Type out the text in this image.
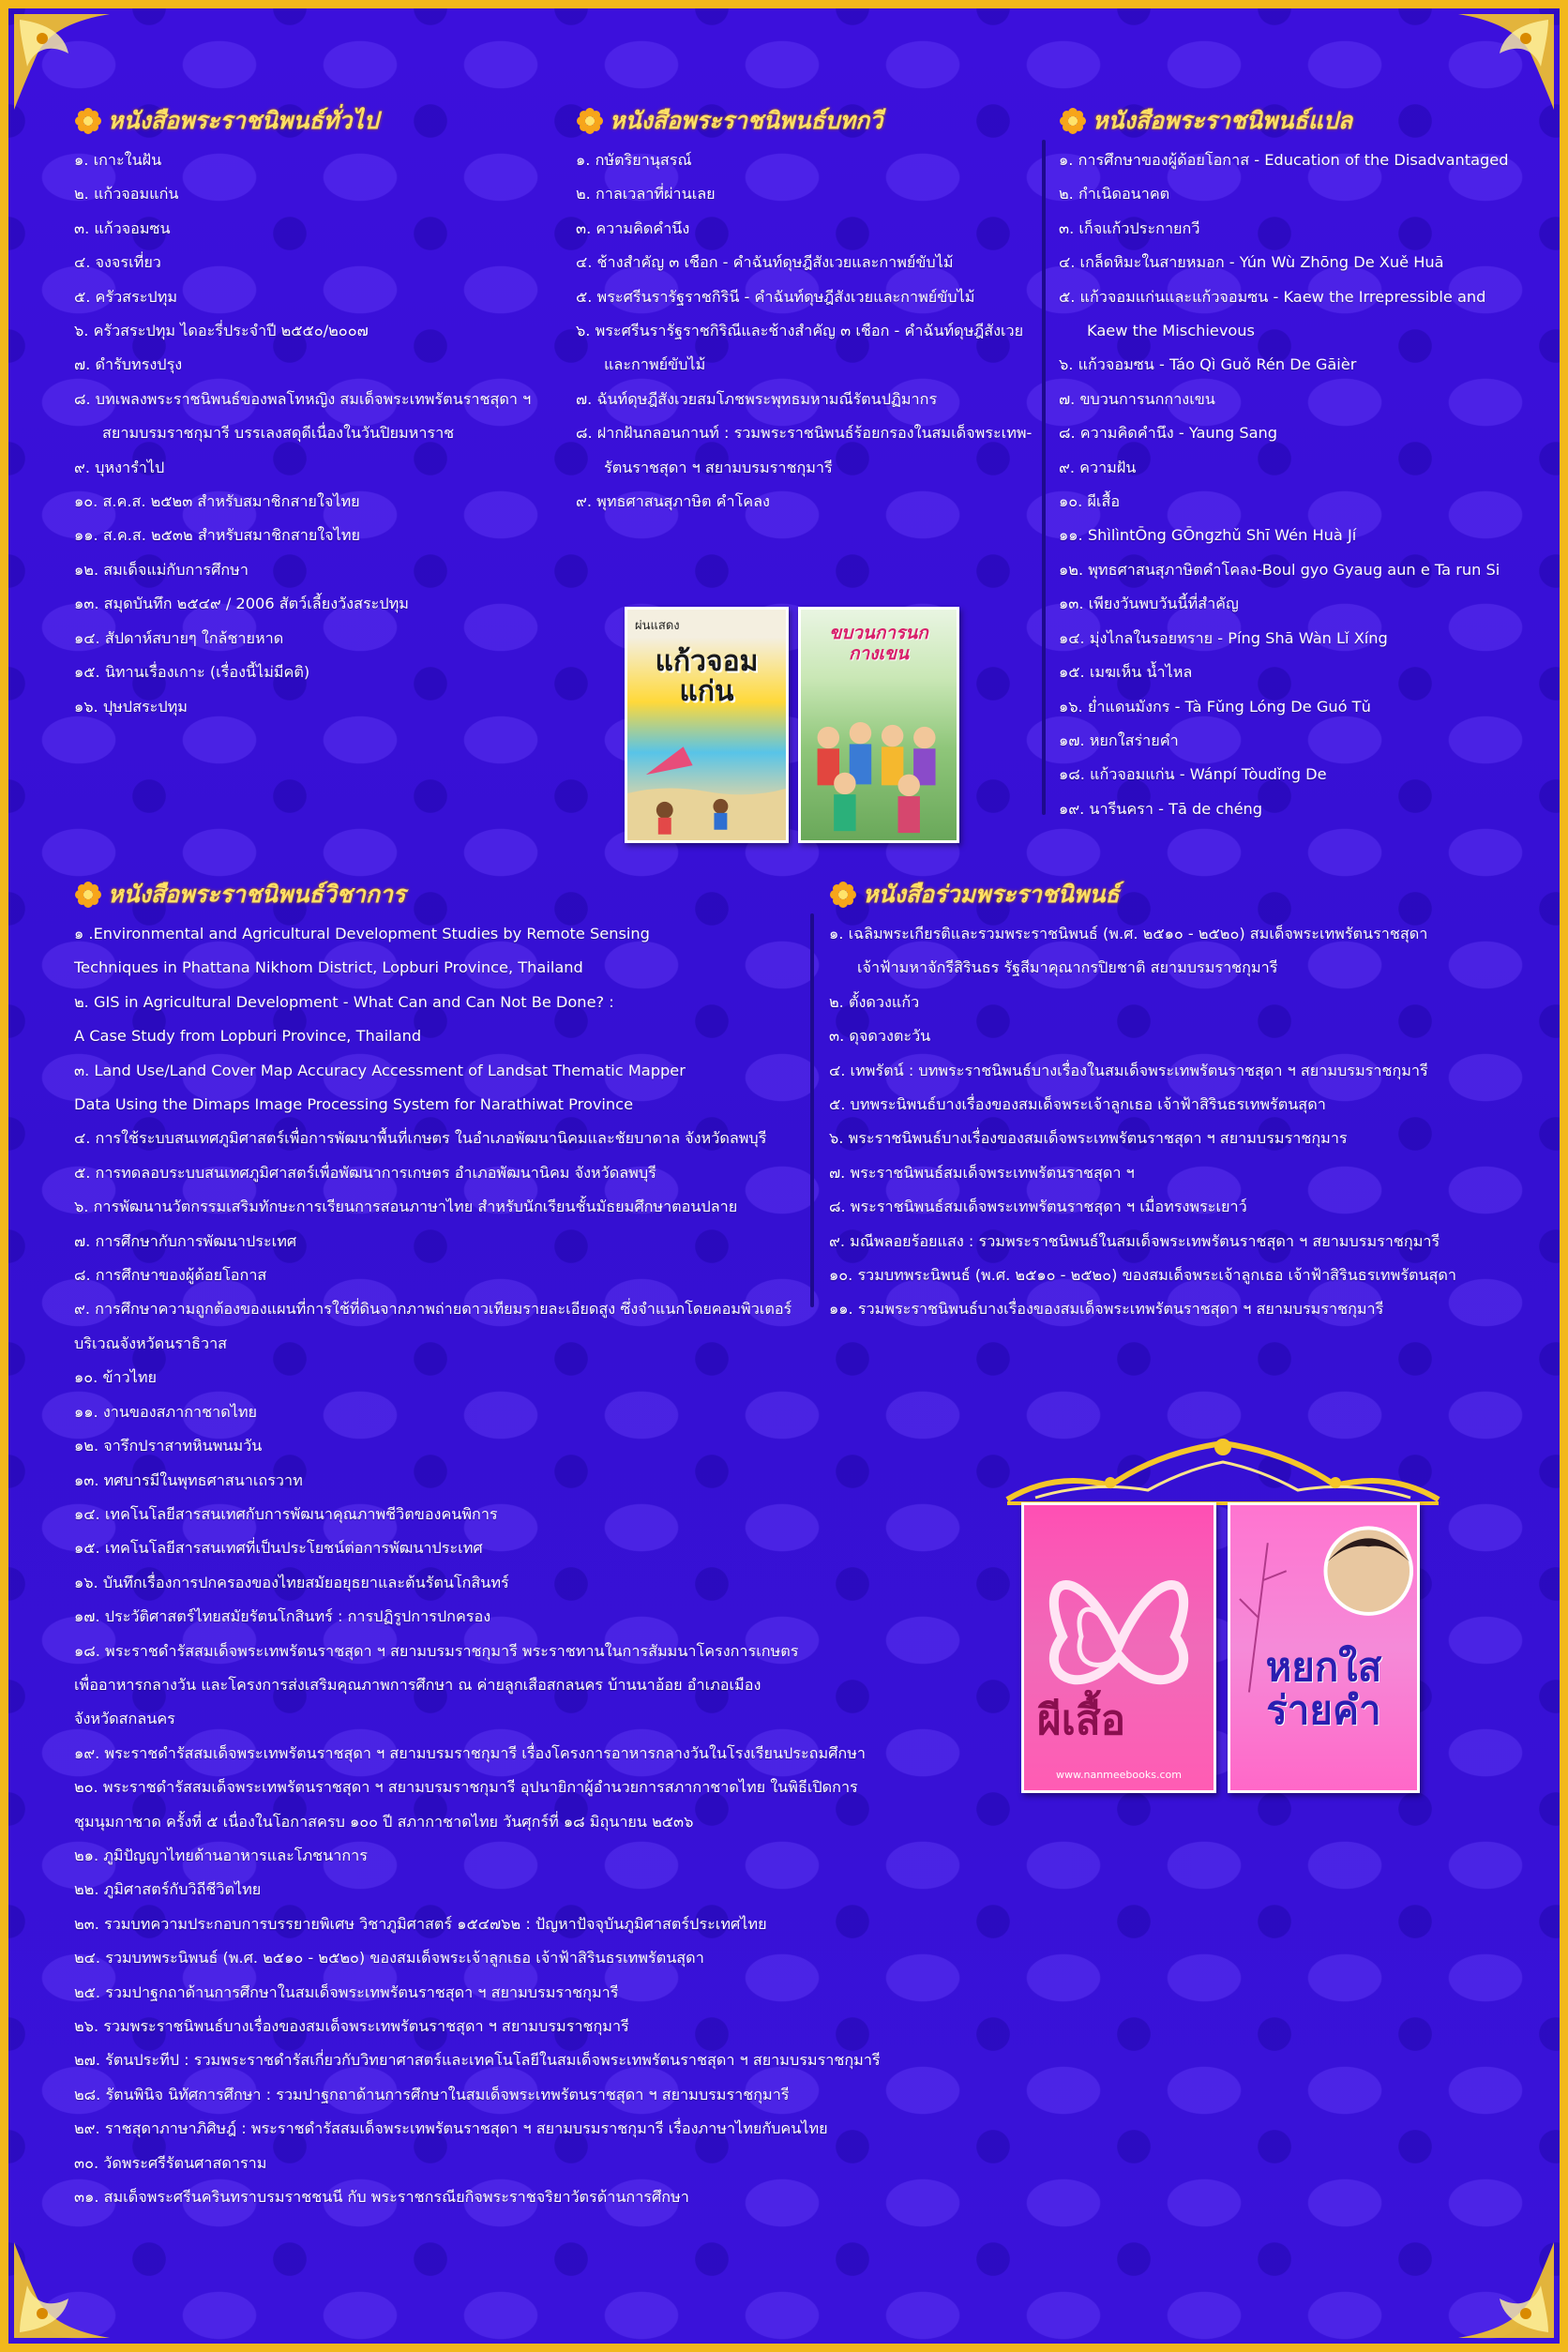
หนังสือพระราชนิพนธ์ทั่วไป
๑. เกาะในฝัน
๒. แก้วจอมแก่น
๓. แก้วจอมซน
๔. จงจรเที่ยว
๕. ครัวสระปทุม
๖. ครัวสระปทุม ไดอะรี่ประจำปี ๒๕๕๐/๒๐๐๗
๗. ดำรับทรงปรุง
๘. บทเพลงพระราชนิพนธ์ของพลโทหญิง สมเด็จพระเทพรัตนราชสุดา ฯ
สยามบรมราชกุมารี บรรเลงสดุดีเนื่องในวันปิยมหาราช
๙. บุหงารำไป
๑๐. ส.ค.ส. ๒๕๒๓ สำหรับสมาชิกสายใจไทย
๑๑. ส.ค.ส. ๒๕๓๒ สำหรับสมาชิกสายใจไทย
๑๒. สมเด็จแม่กับการศึกษา
๑๓. สมุดบันทึก ๒๕๔๙ / 2006 สัตว์เลี้ยงวังสระปทุม
๑๔. สัปดาห์สบายๆ ใกล้ชายหาด
๑๕. นิทานเรื่องเกาะ (เรื่องนี้ไม่มีคติ)
๑๖. ปุษปสระปทุม
หนังสือพระราชนิพนธ์บทกวี
๑. กษัตริยานุสรณ์
๒. กาลเวลาที่ผ่านเลย
๓. ความคิดคำนึง
๔. ช้างสำคัญ ๓ เชือก - คำฉันท์ดุษฎีสังเวยและกาพย์ขับไม้
๕. พระศรีนรารัฐราชกิรินี - คำฉันท์ดุษฎีสังเวยและกาพย์ขับไม้
๖. พระศรีนรารัฐราชกิริณีและช้างสำคัญ ๓ เชือก - คำฉันท์ดุษฎีสังเวย
และกาพย์ขับไม้
๗. ฉันท์ดุษฎีสังเวยสมโภชพระพุทธมหามณีรัตนปฏิมากร
๘. ฝากฝันกลอนกานท์ : รวมพระราชนิพนธ์ร้อยกรองในสมเด็จพระเทพ-
รัตนราชสุดา ฯ สยามบรมราชกุมารี
๙. พุทธศาสนสุภาษิต คำโคลง
หนังสือพระราชนิพนธ์แปล
๑. การศึกษาของผู้ด้อยโอกาส - Education of the Disadvantaged
๒. กำเนิดอนาคต
๓. เก็จแก้วประกายกวี
๔. เกล็ดหิมะในสายหมอก - Yún Wù Zhōng De Xuě Huā
๕. แก้วจอมแก่นและแก้วจอมซน - Kaew the Irrepressible and
Kaew the Mischievous
๖. แก้วจอมซน - Táo Qì Guǒ Rén De Gāièr
๗. ขบวนการนกกางเขน
๘. ความคิดคำนึง - Yaung Sang
๙. ความฝัน
๑๐. ผีเสื้อ
๑๑. ShìlìntŌng GŌngzhǔ Shī Wén Huà Jí
๑๒. พุทธศาสนสุภาษิตคำโคลง-Boul gyo Gyaug aun e Ta run Si
๑๓. เพียงวันพบวันนี้ที่สำคัญ
๑๔. มุ่งไกลในรอยทราย - Píng Shā Wàn Lǐ Xíng
๑๕. เมฆเห็น น้ำไหล
๑๖. ย่ำแดนมังกร - Tà Fǔng Lóng De Guó Tǔ
๑๗. หยกใสร่ายคำ
๑๘. แก้วจอมแก่น - Wánpí Tòudǐng De
๑๙. นารีนครา - Tā de chéng
ผ่นแสดง
แก้วจอมแก่น
ขบวนการนกกางเขน
หนังสือพระราชนิพนธ์วิชาการ
๑ .Environmental and Agricultural Development Studies by Remote Sensing
Techniques in Phattana Nikhom District, Lopburi Province, Thailand
๒. GIS in Agricultural Development - What Can and Can Not Be Done? :
A Case Study from Lopburi Province, Thailand
๓. Land Use/Land Cover Map Accuracy Accessment of Landsat Thematic Mapper
Data Using the Dimaps Image Processing System for Narathiwat Province
๔. การใช้ระบบสนเทศภูมิศาสตร์เพื่อการพัฒนาพื้นที่เกษตร ในอำเภอพัฒนานิคมและชัยบาดาล จังหวัดลพบุรี
๕. การทดลอบระบบสนเทศภูมิศาสตร์เพื่อพัฒนาการเกษตร อำเภอพัฒนานิคม จังหวัดลพบุรี
๖. การพัฒนานวัตกรรมเสริมทักษะการเรียนการสอนภาษาไทย สำหรับนักเรียนชั้นมัธยมศึกษาตอนปลาย
๗. การศึกษากับการพัฒนาประเทศ
๘. การศึกษาของผู้ด้อยโอกาส
๙. การศึกษาความถูกต้องของแผนที่การใช้ที่ดินจากภาพถ่ายดาวเทียมรายละเอียดสูง ซึ่งจำแนกโดยคอมพิวเตอร์
บริเวณจังหวัดนราธิวาส
๑๐. ข้าวไทย
๑๑. งานของสภากาชาดไทย
๑๒. จารึกปราสาทหินพนมวัน
๑๓. ทศบารมีในพุทธศาสนาเถรวาท
๑๔. เทคโนโลยีสารสนเทศกับการพัฒนาคุณภาพชีวิตของคนพิการ
๑๕. เทคโนโลยีสารสนเทศที่เป็นประโยชน์ต่อการพัฒนาประเทศ
๑๖. บันทึกเรื่องการปกครองของไทยสมัยอยุธยาและต้นรัตนโกสินทร์
๑๗. ประวัติศาสตร์ไทยสมัยรัตนโกสินทร์ : การปฏิรูปการปกครอง
๑๘. พระราชดำรัสสมเด็จพระเทพรัตนราชสุดา ฯ สยามบรมราชกุมารี พระราชทานในการสัมมนาโครงการเกษตร
เพื่ออาหารกลางวัน และโครงการส่งเสริมคุณภาพการศึกษา ณ ค่ายลูกเสือสกลนคร บ้านนาอ้อย อำเภอเมือง
จังหวัดสกลนคร
๑๙. พระราชดำรัสสมเด็จพระเทพรัตนราชสุดา ฯ สยามบรมราชกุมารี เรื่องโครงการอาหารกลางวันในโรงเรียนประถมศึกษา
๒๐. พระราชดำรัสสมเด็จพระเทพรัตนราชสุดา ฯ สยามบรมราชกุมารี อุปนายิกาผู้อำนวยการสภากาชาดไทย ในพิธีเปิดการ
ชุมนุมกาชาด ครั้งที่ ๕ เนื่องในโอกาสครบ ๑๐๐ ปี สภากาชาดไทย วันศุกร์ที่ ๑๘ มิถุนายน ๒๕๓๖
๒๑. ภูมิปัญญาไทยด้านอาหารและโภชนาการ
๒๒. ภูมิศาสตร์กับวิถีชีวิตไทย
๒๓. รวมบทความประกอบการบรรยายพิเศษ วิชาภูมิศาสตร์ ๑๕๔๗๖๒ : ปัญหาปัจจุบันภูมิศาสตร์ประเทศไทย
๒๔. รวมบทพระนิพนธ์ (พ.ศ. ๒๕๑๐ - ๒๕๒๐) ของสมเด็จพระเจ้าลูกเธอ เจ้าฟ้าสิรินธรเทพรัตนสุดา
๒๕. รวมปาฐกถาด้านการศึกษาในสมเด็จพระเทพรัตนราชสุดา ฯ สยามบรมราชกุมารี
๒๖. รวมพระราชนิพนธ์บางเรื่องของสมเด็จพระเทพรัตนราชสุดา ฯ สยามบรมราชกุมารี
๒๗. รัตนประทีป : รวมพระราชดำรัสเกี่ยวกับวิทยาศาสตร์และเทคโนโลยีในสมเด็จพระเทพรัตนราชสุดา ฯ สยามบรมราชกุมารี
๒๘. รัตนพินิจ นิทัศการศึกษา : รวมปาฐกถาด้านการศึกษาในสมเด็จพระเทพรัตนราชสุดา ฯ สยามบรมราชกุมารี
๒๙. ราชสุดาภาษาภิศิษฎ์ : พระราชดำรัสสมเด็จพระเทพรัตนราชสุดา ฯ สยามบรมราชกุมารี เรื่องภาษาไทยกับคนไทย
๓๐. วัดพระศรีรัตนศาสดาราม
๓๑. สมเด็จพระศรีนครินทราบรมราชชนนี กับ พระราชกรณียกิจพระราชจริยาวัตรด้านการศึกษา
หนังสือร่วมพระราชนิพนธ์
๑. เฉลิมพระเกียรติและรวมพระราชนิพนธ์ (พ.ศ. ๒๕๑๐ - ๒๕๒๐) สมเด็จพระเทพรัตนราชสุดา
เจ้าฟ้ามหาจักรีสิรินธร รัฐสีมาคุณากรปิยชาติ สยามบรมราชกุมารี
๒. ตั้งดวงแก้ว
๓. ดุจดวงตะวัน
๔. เทพรัตน์ : บทพระราชนิพนธ์บางเรื่องในสมเด็จพระเทพรัตนราชสุดา ฯ สยามบรมราชกุมารี
๕. บทพระนิพนธ์บางเรื่องของสมเด็จพระเจ้าลูกเธอ เจ้าฟ้าสิรินธรเทพรัตนสุดา
๖. พระราชนิพนธ์บางเรื่องของสมเด็จพระเทพรัตนราชสุดา ฯ สยามบรมราชกุมาร
๗. พระราชนิพนธ์สมเด็จพระเทพรัตนราชสุดา ฯ
๘. พระราชนิพนธ์สมเด็จพระเทพรัตนราชสุดา ฯ เมื่อทรงพระเยาว์
๙. มณีพลอยร้อยแสง : รวมพระราชนิพนธ์ในสมเด็จพระเทพรัตนราชสุดา ฯ สยามบรมราชกุมารี
๑๐. รวมบทพระนิพนธ์ (พ.ศ. ๒๕๑๐ - ๒๕๒๐) ของสมเด็จพระเจ้าลูกเธอ เจ้าฟ้าสิรินธรเทพรัตนสุดา
๑๑. รวมพระราชนิพนธ์บางเรื่องของสมเด็จพระเทพรัตนราชสุดา ฯ สยามบรมราชกุมารี
ผีเสื้อ
www.nanmeebooks.com
หยกใสร่ายคำ
